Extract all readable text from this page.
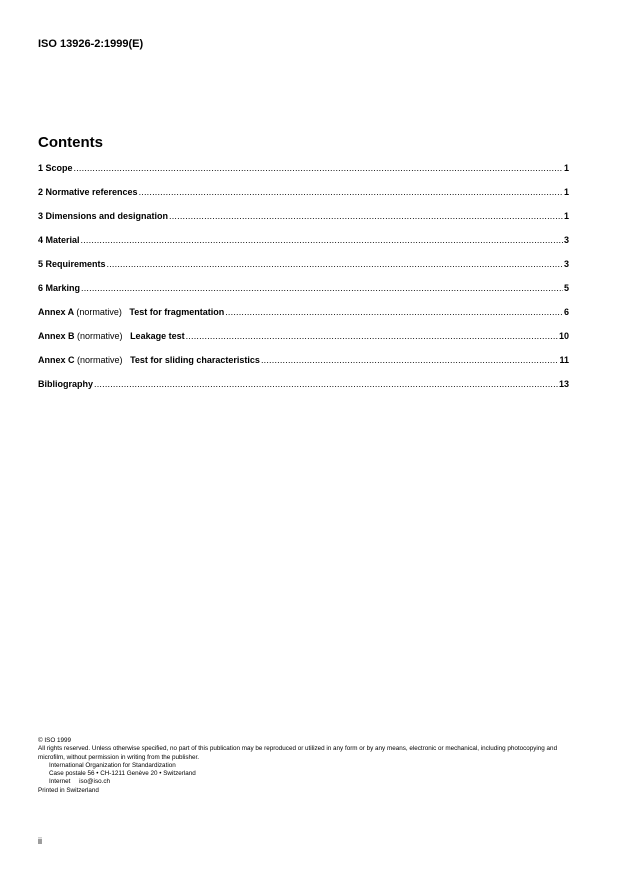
ISO 13926-2:1999(E)
Contents
1 Scope .....	1
2 Normative references .....	1
3 Dimensions and designation .....	1
4 Material .....	3
5 Requirements .....	3
6 Marking .....	5
Annex A (normative) Test for fragmentation .....	6
Annex B (normative) Leakage test .....	10
Annex C (normative) Test for sliding characteristics .....	11
Bibliography .....	13
© ISO 1999
All rights reserved. Unless otherwise specified, no part of this publication may be reproduced or utilized in any form or by any means, electronic or mechanical, including photocopying and microfilm, without permission in writing from the publisher.
International Organization for Standardization
Case postale 56 • CH-1211 Genève 20 • Switzerland
Internet     iso@iso.ch
Printed in Switzerland
ii
